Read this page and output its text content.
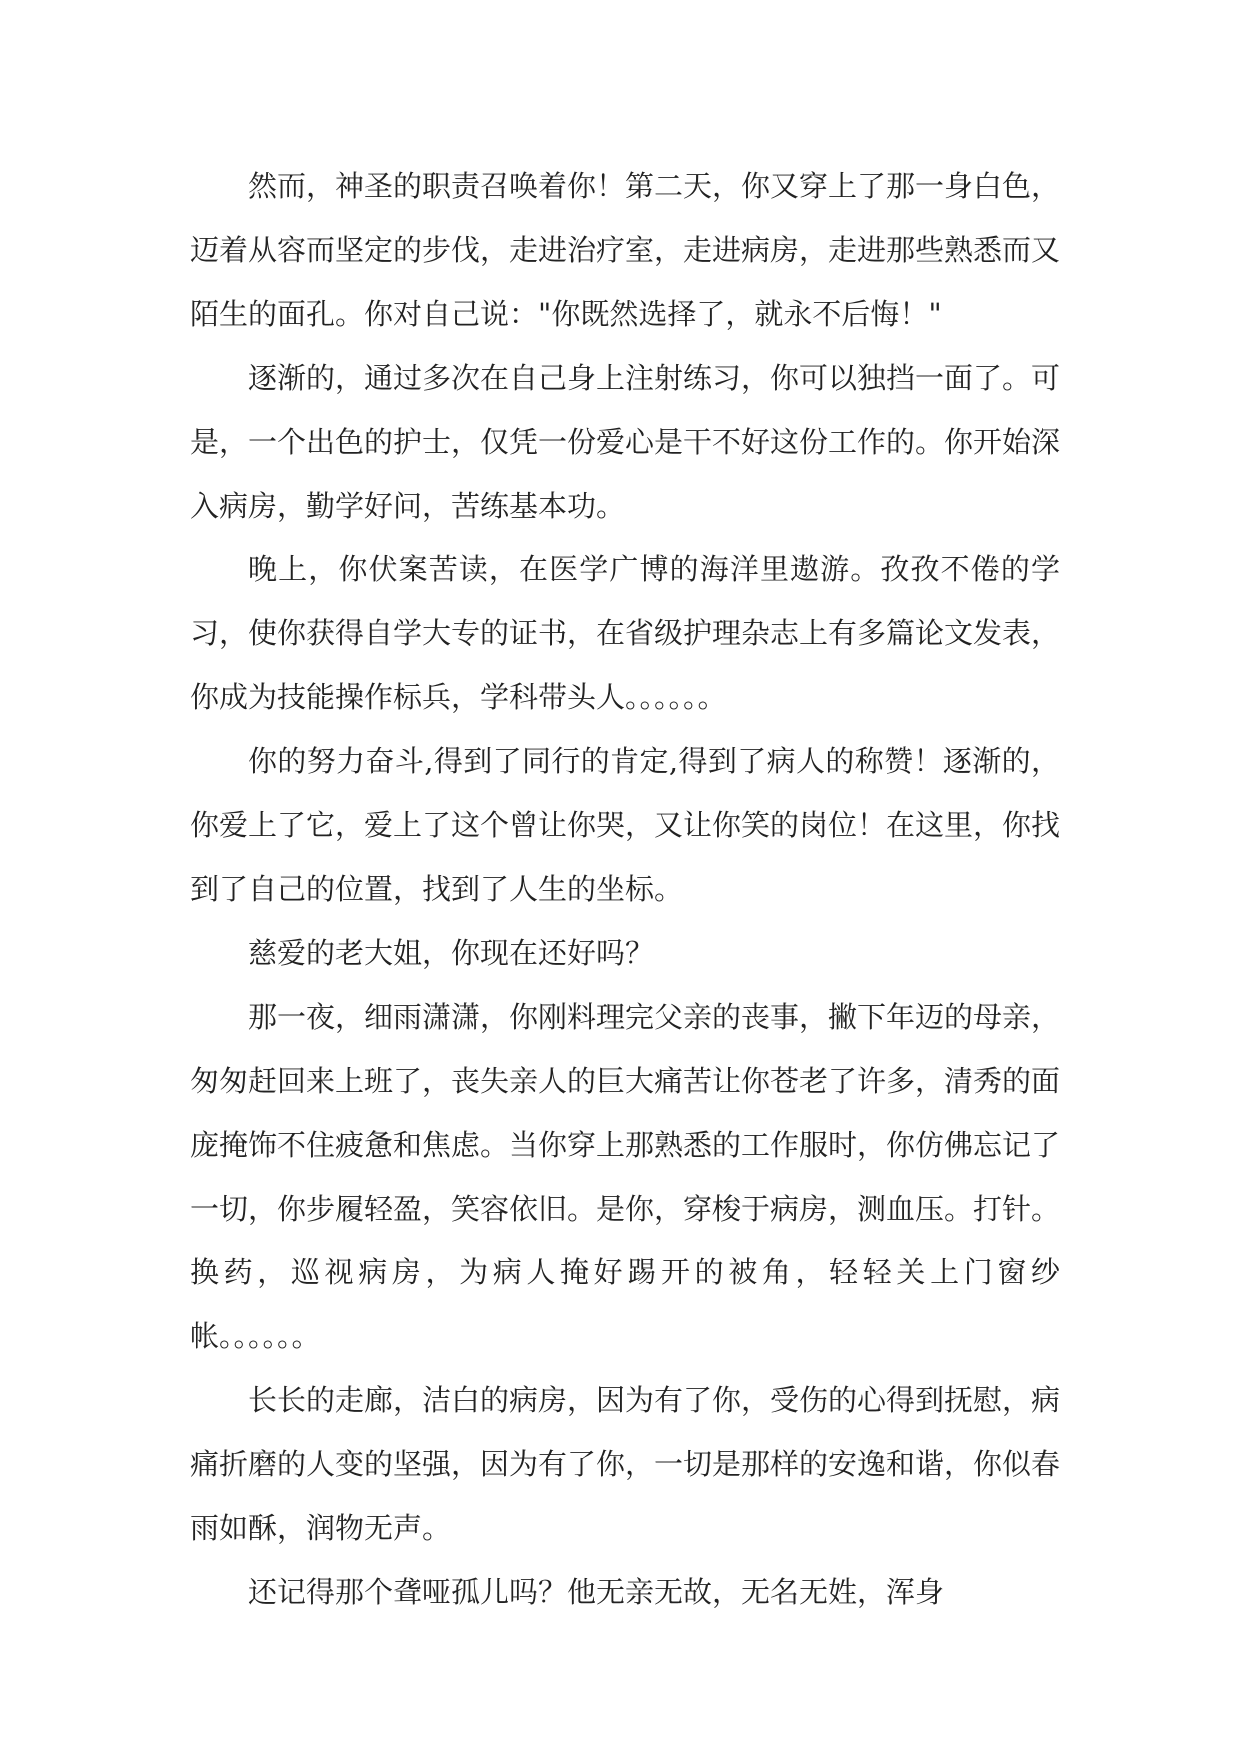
然而，神圣的职责召唤着你！第二天，你又穿上了那一身白色，迈着从容而坚定的步伐，走进治疗室，走进病房，走进那些熟悉而又陌生的面孔。你对自己说："你既然选择了，就永不后悔！"

逐渐的，通过多次在自己身上注射练习，你可以独挡一面了。可是，一个出色的护士，仅凭一份爱心是干不好这份工作的。你开始深入病房，勤学好问，苦练基本功。

晚上，你伏案苦读，在医学广博的海洋里遨游。孜孜不倦的学习，使你获得自学大专的证书，在省级护理杂志上有多篇论文发表，你成为技能操作标兵，学科带头人。。。。。。

你的努力奋斗,得到了同行的肯定,得到了病人的称赞！逐渐的，你爱上了它，爱上了这个曾让你哭，又让你笑的岗位！在这里，你找到了自己的位置，找到了人生的坐标。

慈爱的老大姐，你现在还好吗？

那一夜，细雨潇潇，你刚料理完父亲的丧事，撇下年迈的母亲，匆匆赶回来上班了，丧失亲人的巨大痛苦让你苍老了许多，清秀的面庞掩饰不住疲惫和焦虑。当你穿上那熟悉的工作服时，你仿佛忘记了一切，你步履轻盈，笑容依旧。是你，穿梭于病房，测血压。打针。换药，巡视病房，为病人掩好踢开的被角，轻轻关上门窗纱帐。。。。。。

长长的走廊，洁白的病房，因为有了你，受伤的心得到抚慰，病痛折磨的人变的坚强，因为有了你，一切是那样的安逸和谐，你似春雨如酥，润物无声。

还记得那个聋哑孤儿吗？他无亲无故，无名无姓，浑身
